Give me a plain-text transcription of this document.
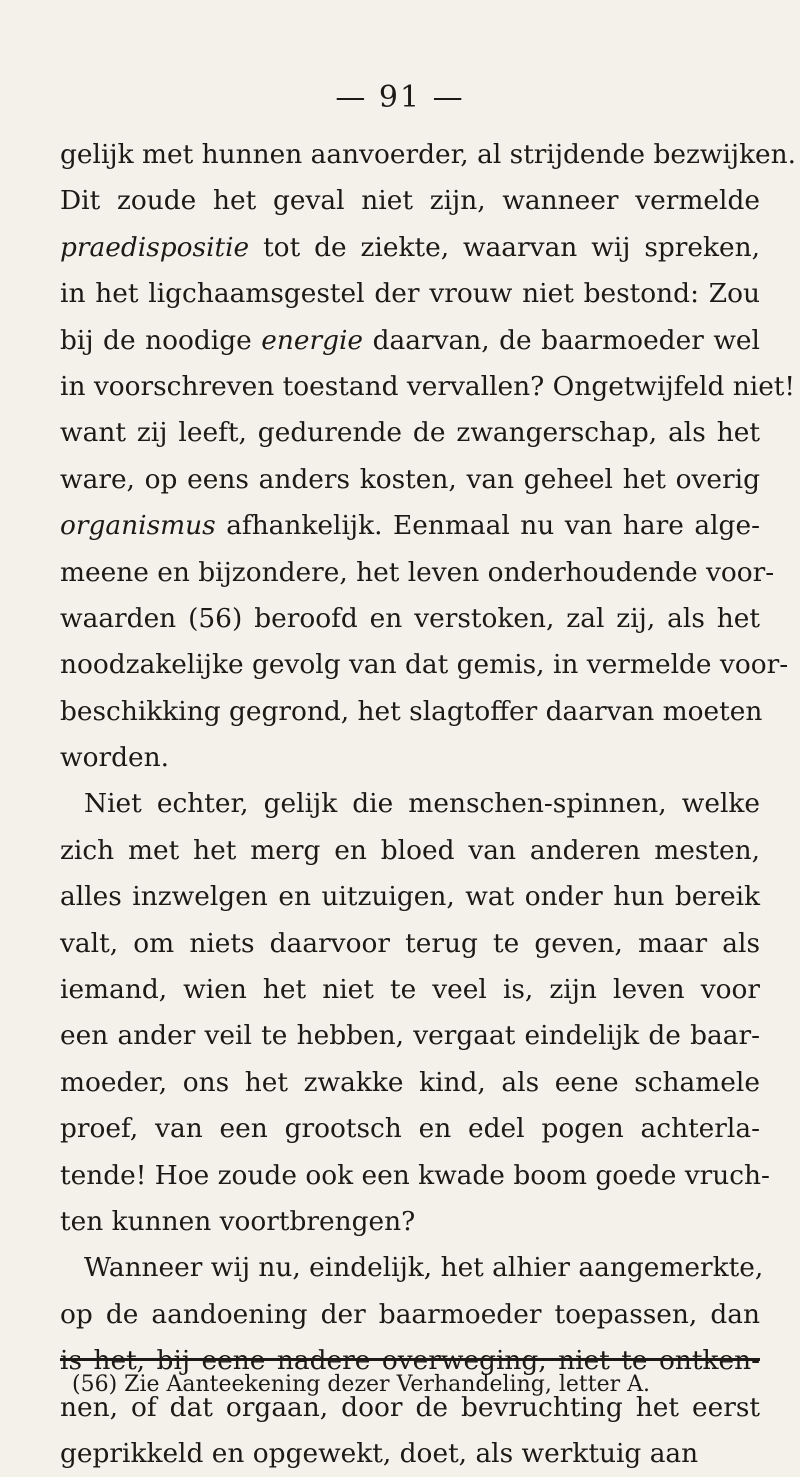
— 91 —
gelijk met hunnen aanvoerder, al strijdende bezwijken.
Dit zoude het geval niet zijn, wanneer vermelde
praedispositie tot de ziekte, waarvan wij spreken,
in het ligchaamsgestel der vrouw niet bestond: Zou
bij de noodige energie daarvan, de baarmoeder wel
in voorschreven toestand vervallen? Ongetwijfeld niet!
want zij leeft, gedurende de zwangerschap, als het
ware, op eens anders kosten, van geheel het overig
organismus afhankelijk. Eenmaal nu van hare alge-
meene en bijzondere, het leven onderhoudende voor-
waarden (56) beroofd en verstoken, zal zij, als het
noodzakelijke gevolg van dat gemis, in vermelde voor-
beschikking gegrond, het slagtoffer daarvan moeten
worden.
Niet echter, gelijk die menschen-spinnen, welke
zich met het merg en bloed van anderen mesten,
alles inzwelgen en uitzuigen, wat onder hun bereik
valt, om niets daarvoor terug te geven, maar als
iemand, wien het niet te veel is, zijn leven voor
een ander veil te hebben, vergaat eindelijk de baar-
moeder, ons het zwakke kind, als eene schamele
proef, van een grootsch en edel pogen achterla-
tende! Hoe zoude ook een kwade boom goede vruch-
ten kunnen voortbrengen?
Wanneer wij nu, eindelijk, het alhier aangemerkte,
op de aandoening der baarmoeder toepassen, dan
is het, bij eene nadere overweging, niet te ontken-
nen, of dat orgaan, door de bevruchting het eerst
geprikkeld en opgewekt, doet, als werktuig aan
(56) Zie Aanteekening dezer Verhandeling, letter A.
